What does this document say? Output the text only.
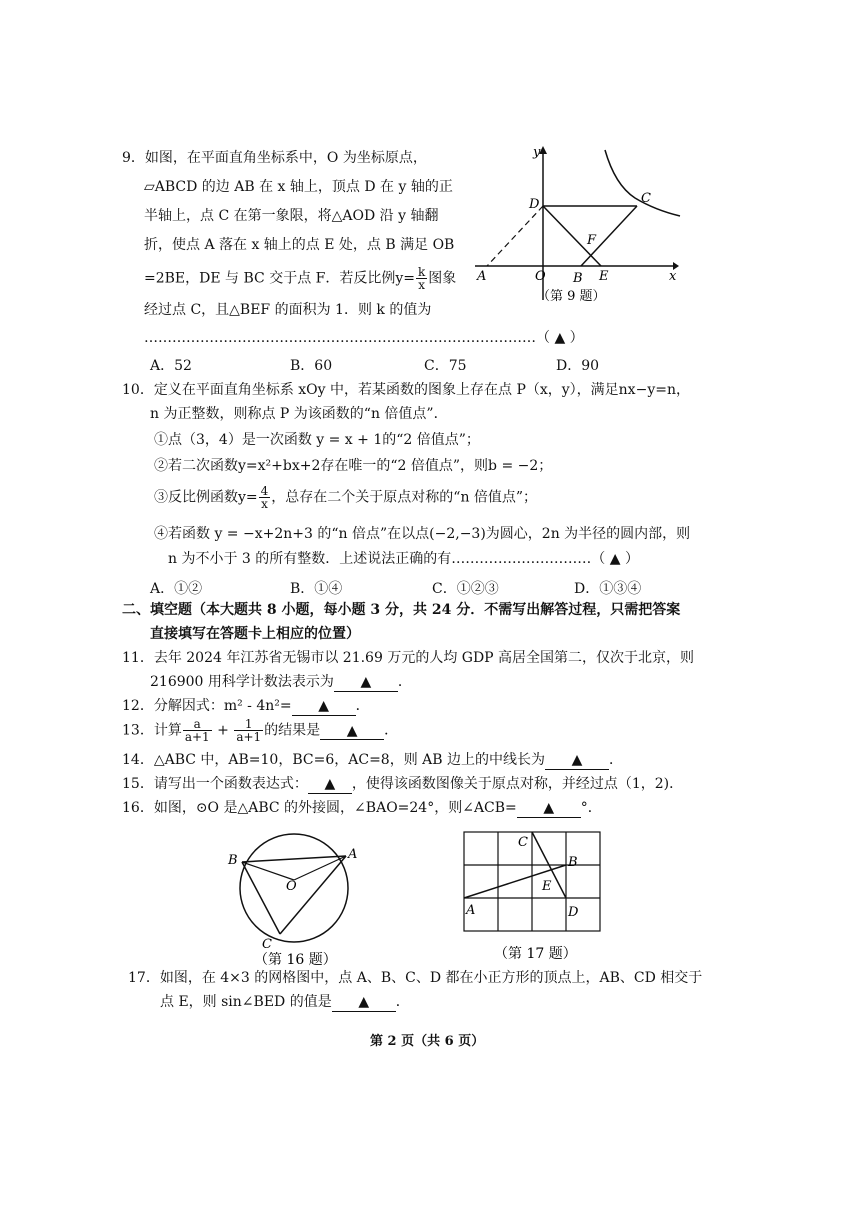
9．如图，在平面直角坐标系中，O 为坐标原点，
▱ABCD 的边 AB 在 x 轴上，顶点 D 在 y 轴的正
半轴上，点 C 在第一象限，将△AOD 沿 y 轴翻
折，使点 A 落在 x 轴上的点 E 处，点 B 满足 OB
=2BE，DE 与 BC 交于点 F．若反比例$y= \frac{k}{x}$ 图象
经过点 C，且△BEF 的面积为 1．则 k 的值为
…………………………………………………………………………（ ▲ ）
A．52	B．60	C．75	D．90
y
x
D	C
F
A	O B E
（第 9 题）
10．定义在平面直角坐标系 xOy 中，若某函数的图象上存在点 P（x，y），满足nx−y=n，
n 为正整数，则称点 P 为该函数的“n 倍值点”．
①点（3，4）是一次函数 y = x + 1的“2 倍值点”；
②若二次函数y=x²+bx+2存在唯一的“2 倍值点”，则b = −2；
③反比例函数$y= \frac{4}{x}$ ，总存在二个关于原点对称的“n 倍值点”；
④若函数 y = −x+2n+3 的“n 倍点”在以点(−2,−3)为圆心，2n 为半径的圆内部，则
n 为不小于 3 的所有整数．上述说法正确的有…………………………（ ▲ ）
A．①②	B．①④	C．①②③	D．①③④
二、填空题（本大题共 8 小题，每小题 3 分，共 24 分．不需写出解答过程，只需把答案
直接填写在答题卡上相应的位置）
11．去年 2024 年江苏省无锡市以 21.69 万元的人均 GDP 高居全国第二，仅次于北京，则
216900 用科学计数法表示为 ▲ ．
12．分解因式：m² - 4n²= ▲ ．
13．计算 $\frac{a}{a+1} + \frac{1}{a+1}$ 的结果是 ▲ ．
14．△ABC 中，AB=10，BC=6，AC=8，则 AB 边上的中线长为 ▲ ．
15．请写出一个函数表达式： ▲ ，使得该函数图像关于原点对称，并经过点（1，2)．
16．如图，⊙O 是△ABC 的外接圆，∠BAO=24°，则∠ACB= ▲ °．
B	A
O
C
（第 16 题）
C
B
E
A	D
（第 17 题）
17．如图，在 4×3 的网格图中，点 A、B、C、D 都在小正方形的顶点上，AB、CD 相交于
点 E，则 sin∠BED 的值是 ▲ ．
第 2 页（共 6 页）
